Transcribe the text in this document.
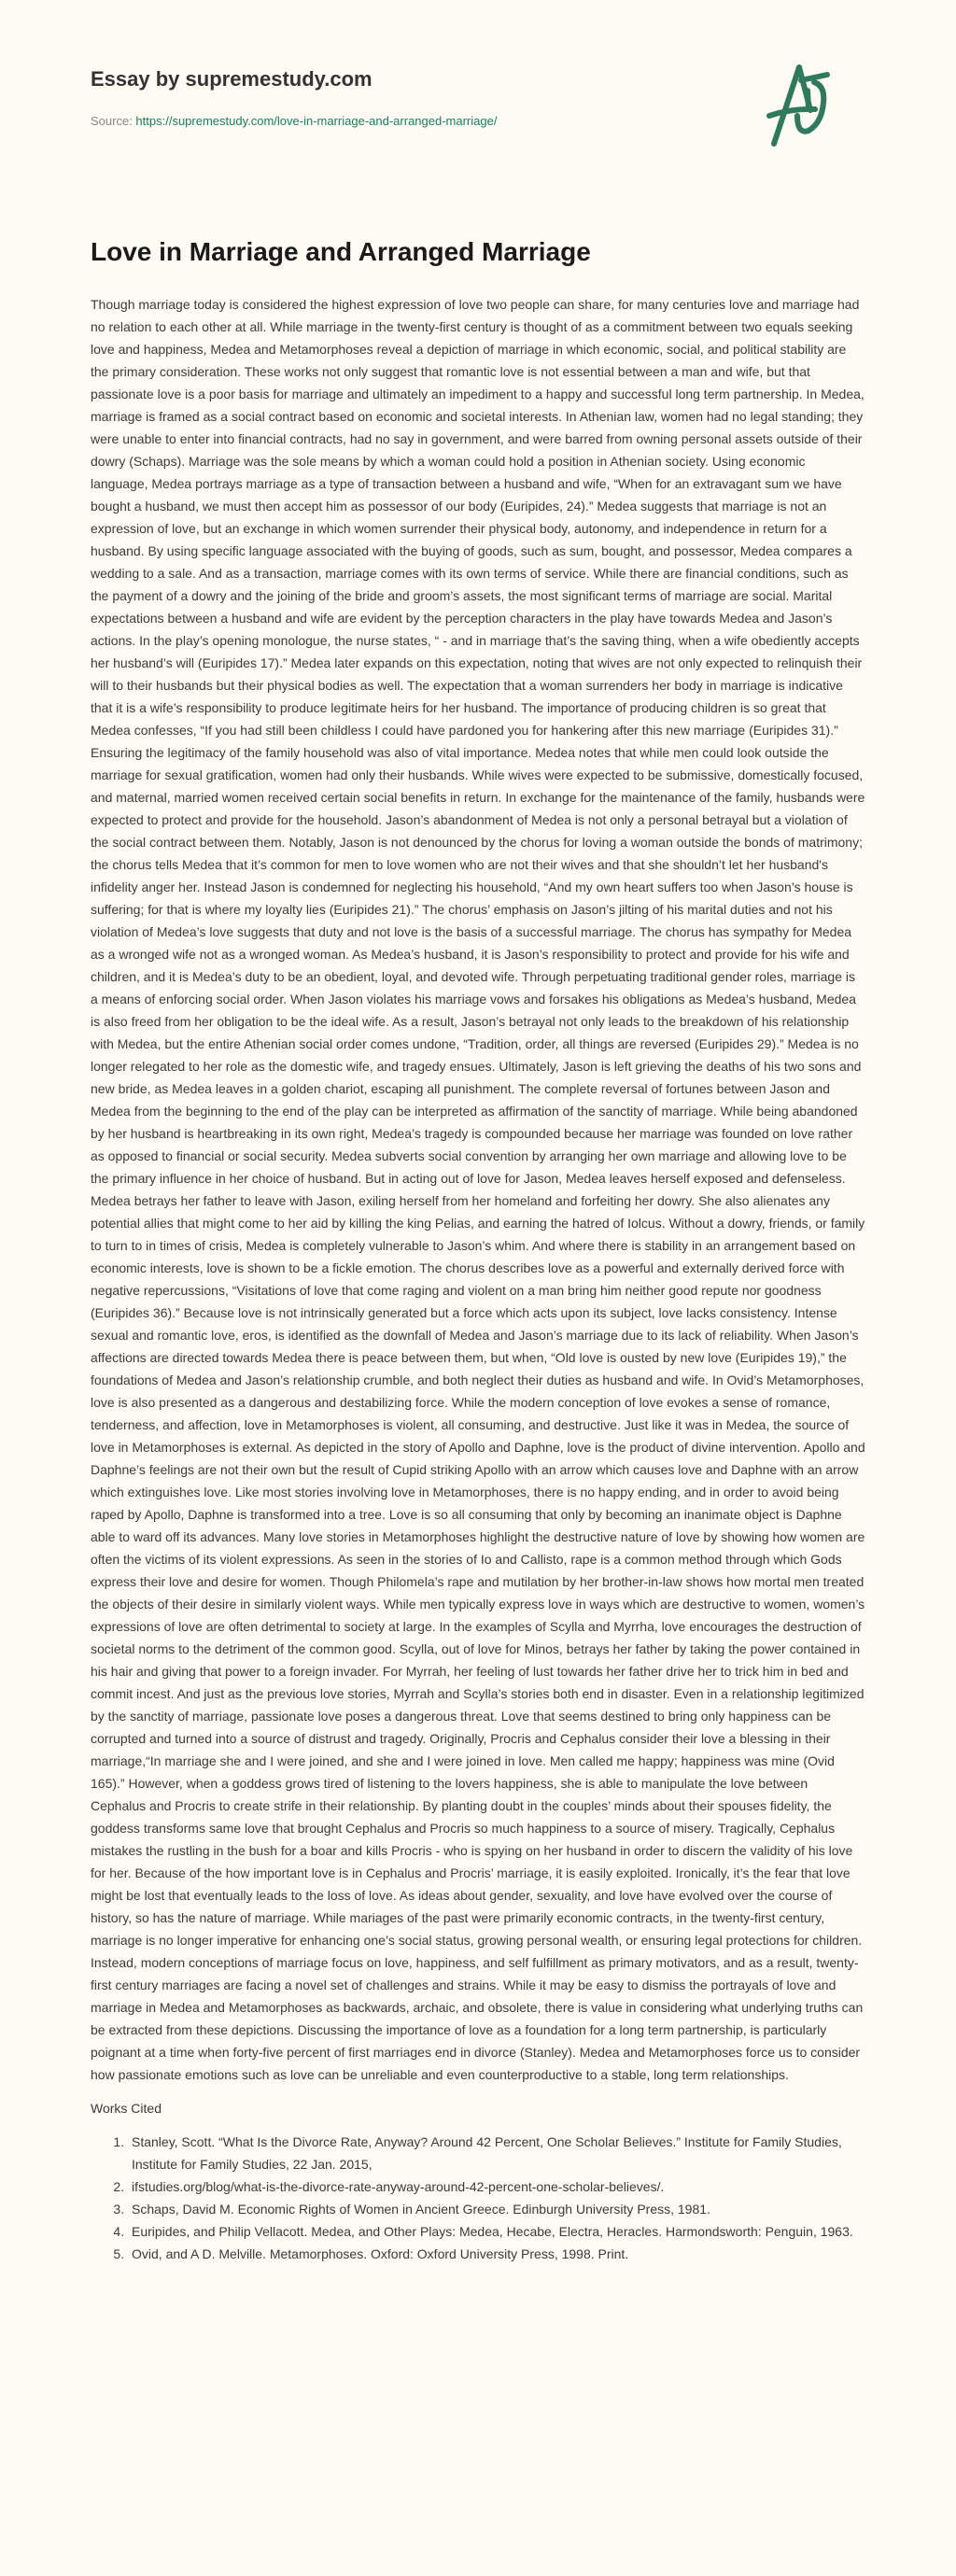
Essay by supremestudy.com
Source: https://supremestudy.com/love-in-marriage-and-arranged-marriage/
Love in Marriage and Arranged Marriage

Though marriage today is considered the highest expression of love two people can share, for many centuries love and marriage had no relation to each other at all. While marriage in the twenty-first century is thought of as a commitment between two equals seeking love and happiness, Medea and Metamorphoses reveal a depiction of marriage in which economic, social, and political stability are the primary consideration. These works not only suggest that romantic love is not essential between a man and wife, but that passionate love is a poor basis for marriage and ultimately an impediment to a happy and successful long term partnership. In Medea, marriage is framed as a social contract based on economic and societal interests. In Athenian law, women had no legal standing; they were unable to enter into financial contracts, had no say in government, and were barred from owning personal assets outside of their dowry (Schaps). Marriage was the sole means by which a woman could hold a position in Athenian society. Using economic language, Medea portrays marriage as a type of transaction between a husband and wife, “When for an extravagant sum we have bought a husband, we must then accept him as possessor of our body (Euripides, 24).” Medea suggests that marriage is not an expression of love, but an exchange in which women surrender their physical body, autonomy, and independence in return for a husband. By using specific language associated with the buying of goods, such as sum, bought, and possessor, Medea compares a wedding to a sale. And as a transaction, marriage comes with its own terms of service. While there are financial conditions, such as the payment of a dowry and the joining of the bride and groom’s assets, the most significant terms of marriage are social. Marital expectations between a husband and wife are evident by the perception characters in the play have towards Medea and Jason’s actions. In the play’s opening monologue, the nurse states, “ - and in marriage that’s the saving thing, when a wife obediently accepts her husband’s will (Euripides 17).” Medea later expands on this expectation, noting that wives are not only expected to relinquish their will to their husbands but their physical bodies as well. The expectation that a woman surrenders her body in marriage is indicative that it is a wife’s responsibility to produce legitimate heirs for her husband. The importance of producing children is so great that Medea confesses, “If you had still been childless I could have pardoned you for hankering after this new marriage (Euripides 31).” Ensuring the legitimacy of the family household was also of vital importance. Medea notes that while men could look outside the marriage for sexual gratification, women had only their husbands. While wives were expected to be submissive, domestically focused, and maternal, married women received certain social benefits in return. In exchange for the maintenance of the family, husbands were expected to protect and provide for the household. Jason’s abandonment of Medea is not only a personal betrayal but a violation of the social contract between them. Notably, Jason is not denounced by the chorus for loving a woman outside the bonds of matrimony; the chorus tells Medea that it’s common for men to love women who are not their wives and that she shouldn’t let her husband's infidelity anger her. Instead Jason is condemned for neglecting his household, “And my own heart suffers too when Jason’s house is suffering; for that is where my loyalty lies (Euripides 21).” The chorus’ emphasis on Jason’s jilting of his marital duties and not his violation of Medea’s love suggests that duty and not love is the basis of a successful marriage. The chorus has sympathy for Medea as a wronged wife not as a wronged woman. As Medea’s husband, it is Jason’s responsibility to protect and provide for his wife and children, and it is Medea’s duty to be an obedient, loyal, and devoted wife. Through perpetuating traditional gender roles, marriage is a means of enforcing social order. When Jason violates his marriage vows and forsakes his obligations as Medea’s husband, Medea is also freed from her obligation to be the ideal wife. As a result, Jason’s betrayal not only leads to the breakdown of his relationship with Medea, but the entire Athenian social order comes undone, “Tradition, order, all things are reversed (Euripides 29).” Medea is no longer relegated to her role as the domestic wife, and tragedy ensues. Ultimately, Jason is left grieving the deaths of his two sons and new bride, as Medea leaves in a golden chariot, escaping all punishment. The complete reversal of fortunes between Jason and Medea from the beginning to the end of the play can be interpreted as affirmation of the sanctity of marriage. While being abandoned by her husband is heartbreaking in its own right, Medea’s tragedy is compounded because her marriage was founded on love rather as opposed to financial or social security. Medea subverts social convention by arranging her own marriage and allowing love to be the primary influence in her choice of husband. But in acting out of love for Jason, Medea leaves herself exposed and defenseless. Medea betrays her father to leave with Jason, exiling herself from her homeland and forfeiting her dowry. She also alienates any potential allies that might come to her aid by killing the king Pelias, and earning the hatred of Iolcus. Without a dowry, friends, or family to turn to in times of crisis, Medea is completely vulnerable to Jason’s whim. And where there is stability in an arrangement based on economic interests, love is shown to be a fickle emotion. The chorus describes love as a powerful and externally derived force with negative repercussions, “Visitations of love that come raging and violent on a man bring him neither good repute nor goodness (Euripides 36).” Because love is not intrinsically generated but a force which acts upon its subject, love lacks consistency. Intense sexual and romantic love, eros, is identified as the downfall of Medea and Jason’s marriage due to its lack of reliability. When Jason’s affections are directed towards Medea there is peace between them, but when, “Old love is ousted by new love (Euripides 19),” the foundations of Medea and Jason’s relationship crumble, and both neglect their duties as husband and wife. In Ovid’s Metamorphoses, love is also presented as a dangerous and destabilizing force. While the modern conception of love evokes a sense of romance, tenderness, and affection, love in Metamorphoses is violent, all consuming, and destructive. Just like it was in Medea, the source of love in Metamorphoses is external. As depicted in the story of Apollo and Daphne, love is the product of divine intervention. Apollo and Daphne’s feelings are not their own but the result of Cupid striking Apollo with an arrow which causes love and Daphne with an arrow which extinguishes love. Like most stories involving love in Metamorphoses, there is no happy ending, and in order to avoid being raped by Apollo, Daphne is transformed into a tree. Love is so all consuming that only by becoming an inanimate object is Daphne able to ward off its advances. Many love stories in Metamorphoses highlight the destructive nature of love by showing how women are often the victims of its violent expressions. As seen in the stories of Io and Callisto, rape is a common method through which Gods express their love and desire for women. Though Philomela’s rape and mutilation by her brother-in-law shows how mortal men treated the objects of their desire in similarly violent ways. While men typically express love in ways which are destructive to women, women’s expressions of love are often detrimental to society at large. In the examples of Scylla and Myrrha, love encourages the destruction of societal norms to the detriment of the common good. Scylla, out of love for Minos, betrays her father by taking the power contained in his hair and giving that power to a foreign invader. For Myrrah, her feeling of lust towards her father drive her to trick him in bed and commit incest. And just as the previous love stories, Myrrah and Scylla’s stories both end in disaster. Even in a relationship legitimized by the sanctity of marriage, passionate love poses a dangerous threat. Love that seems destined to bring only happiness can be corrupted and turned into a source of distrust and tragedy. Originally, Procris and Cephalus consider their love a blessing in their marriage,“In marriage she and I were joined, and she and I were joined in love. Men called me happy; happiness was mine (Ovid 165).” However, when a goddess grows tired of listening to the lovers happiness, she is able to manipulate the love between Cephalus and Procris to create strife in their relationship. By planting doubt in the couples’ minds about their spouses fidelity, the goddess transforms same love that brought Cephalus and Procris so much happiness to a source of misery. Tragically, Cephalus mistakes the rustling in the bush for a boar and kills Procris - who is spying on her husband in order to discern the validity of his love for her. Because of the how important love is in Cephalus and Procris’ marriage, it is easily exploited. Ironically, it’s the fear that love might be lost that eventually leads to the loss of love. As ideas about gender, sexuality, and love have evolved over the course of history, so has the nature of marriage. While mariages of the past were primarily economic contracts, in the twenty-first century, marriage is no longer imperative for enhancing one’s social status, growing personal wealth, or ensuring legal protections for children. Instead, modern conceptions of marriage focus on love, happiness, and self fulfillment as primary motivators, and as a result, twenty-first century marriages are facing a novel set of challenges and strains. While it may be easy to dismiss the portrayals of love and marriage in Medea and Metamorphoses as backwards, archaic, and obsolete, there is value in considering what underlying truths can be extracted from these depictions. Discussing the importance of love as a foundation for a long term partnership, is particularly poignant at a time when forty-five percent of first marriages end in divorce (Stanley). Medea and Metamorphoses force us to consider how passionate emotions such as love can be unreliable and even counterproductive to a stable, long term relationships.

Works Cited

1. Stanley, Scott. “What Is the Divorce Rate, Anyway? Around 42 Percent, One Scholar Believes.” Institute for Family Studies, Institute for Family Studies, 22 Jan. 2015,
2. ifstudies.org/blog/what-is-the-divorce-rate-anyway-around-42-percent-one-scholar-believes/.
3. Schaps, David M. Economic Rights of Women in Ancient Greece. Edinburgh University Press, 1981.
4. Euripides, and Philip Vellacott. Medea, and Other Plays: Medea, Hecabe, Electra, Heracles. Harmondsworth: Penguin, 1963.
5. Ovid, and A D. Melville. Metamorphoses. Oxford: Oxford University Press, 1998. Print.
